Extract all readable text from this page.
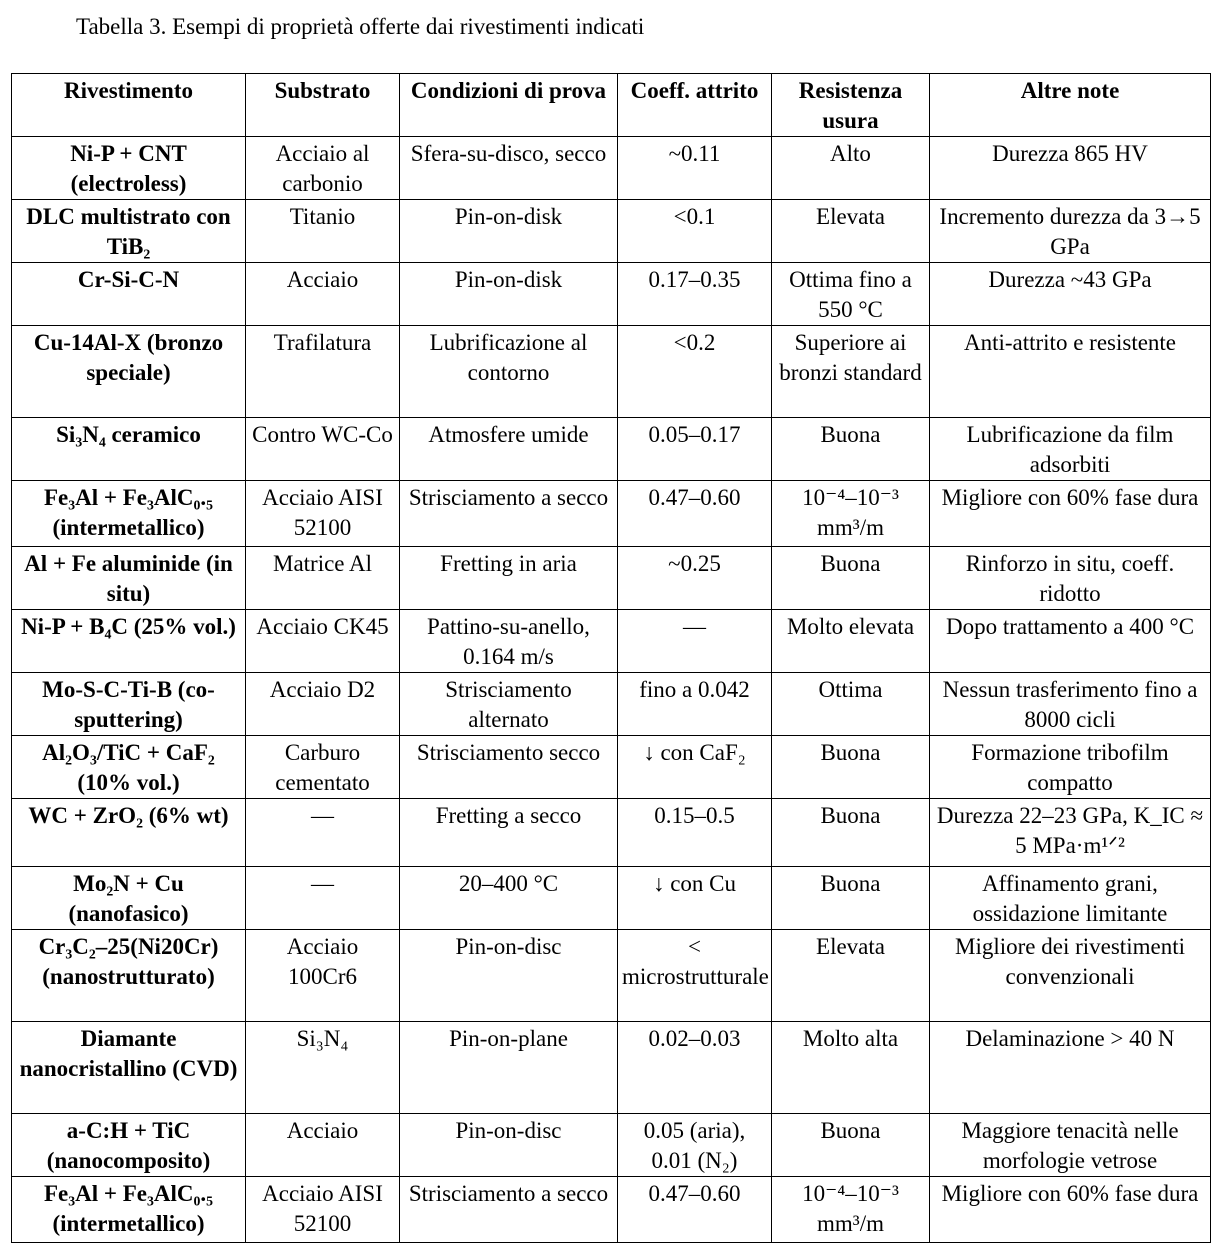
Tabella 3. Esempi di proprietà offerte dai rivestimenti indicati
Rivestimento	Substrato	Condizioni di prova	Coeff. attrito	Resistenza usura	Altre note
Ni-P + CNT (electroless)	Acciaio al carbonio	Sfera-su-disco, secco	~0.11	Alto	Durezza 865 HV
DLC multistrato con TiB₂	Titanio	Pin-on-disk	<0.1	Elevata	Incremento durezza da 3→5 GPa
Cr-Si-C-N	Acciaio	Pin-on-disk	0.17–0.35	Ottima fino a 550 °C	Durezza ~43 GPa
Cu-14Al-X (bronzo speciale)	Trafilatura	Lubrificazione al contorno	<0.2	Superiore ai bronzi standard	Anti-attrito e resistente
Si₃N₄ ceramico	Contro WC-Co	Atmosfere umide	0.05–0.17	Buona	Lubrificazione da film adsorbiti
Fe₃Al + Fe₃AlC₀.₅ (intermetallico)	Acciaio AISI 52100	Strisciamento a secco	0.47–0.60	10⁻⁴–10⁻³ mm³/m	Migliore con 60% fase dura
Al + Fe aluminide (in situ)	Matrice Al	Fretting in aria	~0.25	Buona	Rinforzo in situ, coeff. ridotto
Ni-P + B₄C (25% vol.)	Acciaio CK45	Pattino-su-anello, 0.164 m/s	—	Molto elevata	Dopo trattamento a 400 °C
Mo-S-C-Ti-B (co-sputtering)	Acciaio D2	Strisciamento alternato	fino a 0.042	Ottima	Nessun trasferimento fino a 8000 cicli
Al₂O₃/TiC + CaF₂ (10% vol.)	Carburo cementato	Strisciamento secco	↓ con CaF₂	Buona	Formazione tribofilm compatto
WC + ZrO₂ (6% wt)	—	Fretting a secco	0.15–0.5	Buona	Durezza 22–23 GPa, K_IC ≈ 5 MPa·m¹ᐟ²
Mo₂N + Cu (nanofasico)	—	20–400 °C	↓ con Cu	Buona	Affinamento grani, ossidazione limitante
Cr₃C₂–25(Ni20Cr) (nanostrutturato)	Acciaio 100Cr6	Pin-on-disc	< microstrutturale	Elevata	Migliore dei rivestimenti convenzionali
Diamante nanocristallino (CVD)	Si₃N₄	Pin-on-plane	0.02–0.03	Molto alta	Delaminazione > 40 N
a-C:H + TiC (nanocomposito)	Acciaio	Pin-on-disc	0.05 (aria), 0.01 (N₂)	Buona	Maggiore tenacità nelle morfologie vetrose
Fe₃Al + Fe₃AlC₀.₅ (intermetallico)	Acciaio AISI 52100	Strisciamento a secco	0.47–0.60	10⁻⁴–10⁻³ mm³/m	Migliore con 60% fase dura
